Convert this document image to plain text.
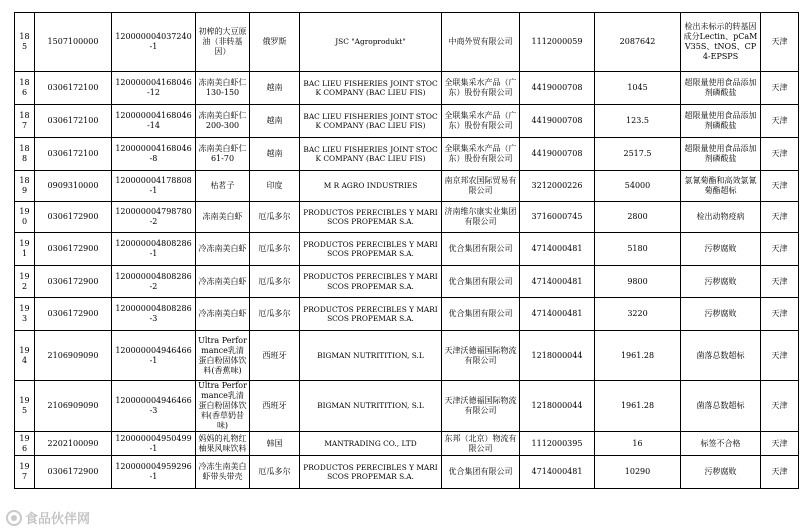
185	1507100000	120000004037240-1	初榨的大豆原油（非转基因）	俄罗斯	JSC "Agroprodukt"	中商外贸有限公司	1112000059	2087642	检出未标示的转基因成分Lectin、pCaMV35S、tNOS、CP4-EPSPS	天津
186	0306172100	120000004168046-12	冻南美白虾仁130-150	越南	BAC LIEU FISHERIES JOINT STOCK COMPANY (BAC LIEU FIS)	全联集采水产品（广东）股份有限公司	4419000708	1045	超限量使用食品添加剂磷酸盐	天津
187	0306172100	120000004168046-14	冻南美白虾仁200-300	越南	BAC LIEU FISHERIES JOINT STOCK COMPANY (BAC LIEU FIS)	全联集采水产品（广东）股份有限公司	4419000708	123.5	超限量使用食品添加剂磷酸盐	天津
188	0306172100	120000004168046-8	冻南美白虾仁61-70	越南	BAC LIEU FISHERIES JOINT STOCK COMPANY (BAC LIEU FIS)	全联集采水产品（广东）股份有限公司	4419000708	2517.5	超限量使用食品添加剂磷酸盐	天津
189	0909310000	120000004178808-1	枯茗子	印度	M R AGRO INDUSTRIES	南京邦农国际贸易有限公司	3212000226	54000	氯氰菊酯和高效氯氰菊酯超标	天津
190	0306172900	120000004798780-2	冻南美白虾	厄瓜多尔	PRODUCTOS PERECIBLES Y MARISCOS PROPEMAR S.A.	济南维尔康实业集团有限公司	3716000745	2800	检出动物疫病	天津
191	0306172900	120000004808286-1	冷冻南美白虾	厄瓜多尔	PRODUCTOS PERECIBLES Y MARISCOS PROPEMAR S.A.	优合集团有限公司	4714000481	5180	污秽腐败	天津
192	0306172900	120000004808286-2	冷冻南美白虾	厄瓜多尔	PRODUCTOS PERECIBLES Y MARISCOS PROPEMAR S.A.	优合集团有限公司	4714000481	9800	污秽腐败	天津
193	0306172900	120000004808286-3	冷冻南美白虾	厄瓜多尔	PRODUCTOS PERECIBLES Y MARISCOS PROPEMAR S.A.	优合集团有限公司	4714000481	3220	污秽腐败	天津
194	2106909090	120000004946466-1	Ultra Performance乳清蛋白粉固体饮料(香蕉味)	西班牙	BIGMAN NUTRITITION, S.L	天津沃德福国际物流有限公司	1218000044	1961.28	菌落总数超标	天津
195	2106909090	120000004946466-3	Ultra Performance乳清蛋白粉固体饮料(香草奶昔味)	西班牙	BIGMAN NUTRITITION, S.L	天津沃德福国际物流有限公司	1218000044	1961.28	菌落总数超标	天津
196	2202100090	120000004950499-1	妈妈的礼物红柚果风味饮料	韩国	MANTRADING CO., LTD	东邦（北京）物流有限公司	1112000395	16	标签不合格	天津
197	0306172900	120000004959296-1	冷冻生南美白虾带头带壳	厄瓜多尔	PRODUCTOS PERECIBLES Y MARISCOS PROPEMAR S.A.	优合集团有限公司	4714000481	10290	污秽腐败	天津
食品伙伴网
